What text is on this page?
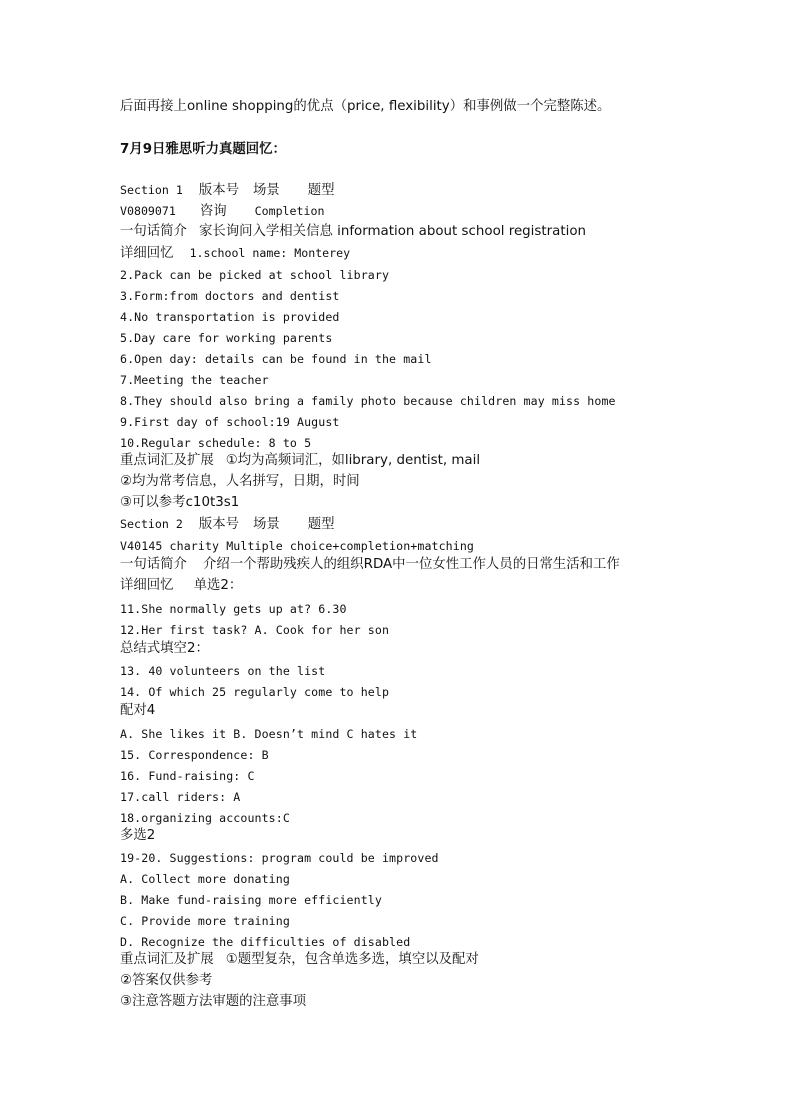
后面再接上online shopping的优点（price, flexibility）和事例做一个完整陈述。
7月9日雅思听力真题回忆：
Section 1 版本号 场景 题型
V0809071 咨询 Completion
一句话简介 家长询问入学相关信息 information about school registration
详细回忆 1.school name: Monterey
2.Pack can be picked at school library
3.Form:from doctors and dentist
4.No transportation is provided
5.Day care for working parents
6.Open day: details can be found in the mail
7.Meeting the teacher
8.They should also bring a family photo because children may miss home
9.First day of school:19 August
10.Regular schedule: 8 to 5
重点词汇及扩展 ①均为高频词汇，如library, dentist, mail
②均为常考信息，人名拼写，日期，时间
③可以参考c10t3s1
Section 2 版本号 场景 题型
V40145 charity Multiple choice+completion+matching
一句话简介 介绍一个帮助残疾人的组织RDA中一位女性工作人员的日常生活和工作
详细回忆 单选2：
11.She normally gets up at? 6.30
12.Her first task? A. Cook for her son
总结式填空2：
13. 40 volunteers on the list
14. Of which 25 regularly come to help
配对4
A. She likes it B. Doesn’t mind C hates it
15. Correspondence: B
16. Fund-raising: C
17.call riders: A
18.organizing accounts:C
多选2
19-20. Suggestions: program could be improved
A. Collect more donating
B. Make fund-raising more efficiently
C. Provide more training
D. Recognize the difficulties of disabled
重点词汇及扩展 ①题型复杂，包含单选多选，填空以及配对
②答案仅供参考
③注意答题方法审题的注意事项
